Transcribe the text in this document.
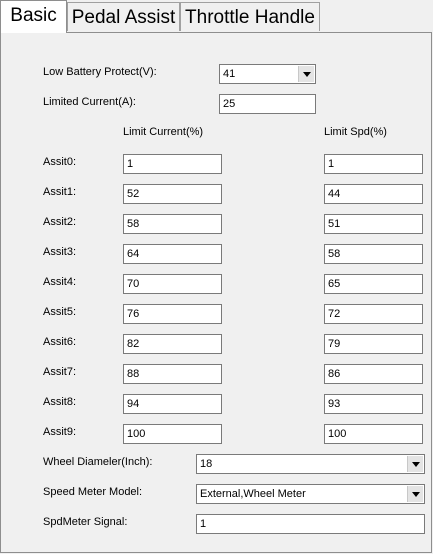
Basic Pedal Assist Throttle Handle
Low Battery Protect(V):	41
Limited Current(A):	25
Limit Current(%)	Limit Spd(%)
Assit0:	1	1
Assit1:	52	44
Assit2:	58	51
Assit3:	64	58
Assit4:	70	65
Assit5:	76	72
Assit6:	82	79
Assit7:	88	86
Assit8:	94	93
Assit9:	100	100
Wheel Diameler(Inch):	18
Speed Meter Model:	External,Wheel Meter
SpdMeter Signal:	1
